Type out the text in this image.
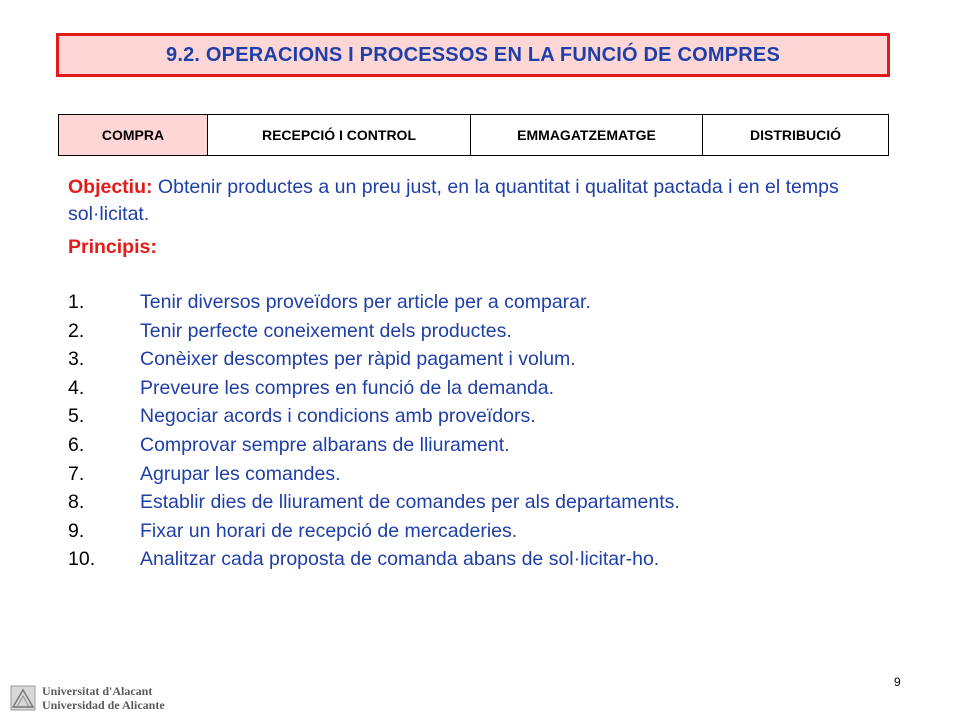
9.2. OPERACIONS I PROCESSOS EN LA FUNCIÓ DE COMPRES
COMPRA	RECEPCIÓ I CONTROL	EMMAGATZEMATGE	DISTRIBUCIÓ

Objectiu: Obtenir productes a un preu just, en la quantitat i qualitat pactada i en el temps sol·licitat.

Principis:
1.	Tenir diversos proveïdors per article per a comparar.
2.	Tenir perfecte coneixement dels productes.
3.	Conèixer descomptes per ràpid pagament i volum.
4.	Preveure les compres en funció de la demanda.
5.	Negociar acords i condicions amb proveïdors.
6.	Comprovar sempre albarans de lliurament.
7.	Agrupar les comandes.
8.	Establir dies de lliurament de comandes per als departaments.
9.	Fixar un horari de recepció de mercaderies.
10.	Analitzar cada proposta de comanda abans de sol·licitar-ho.
Universitat d'Alacant
Universidad de Alicante
9
